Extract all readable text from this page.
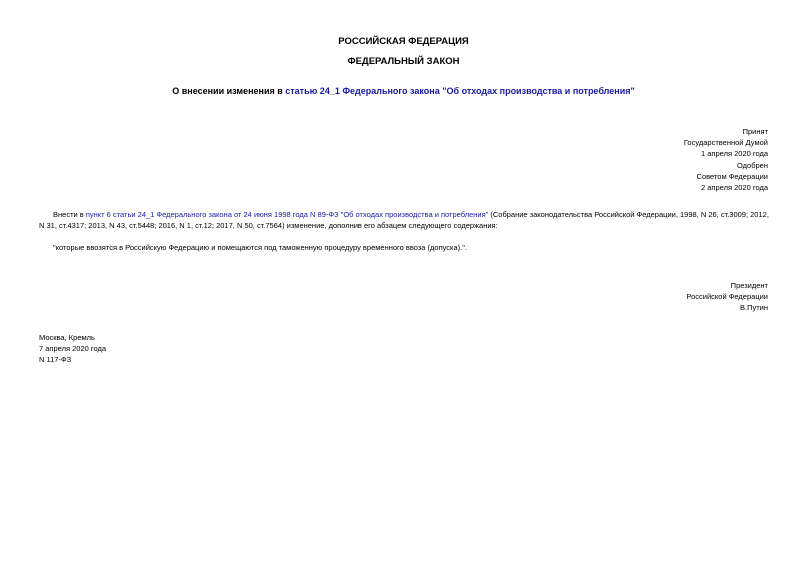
РОССИЙСКАЯ ФЕДЕРАЦИЯ
ФЕДЕРАЛЬНЫЙ ЗАКОН
О внесении изменения в статью 24_1 Федерального закона "Об отходах производства и потребления"
Принят
Государственной Думой
1 апреля 2020 года
Одобрен
Советом Федерации
2 апреля 2020 года
Внести в пункт 6 статьи 24_1 Федерального закона от 24 июня 1998 года N 89-ФЗ "Об отходах производства и потребления" (Собрание законодательства Российской Федерации, 1998, N 26, ст.3009; 2012, N 31, ст.4317; 2013, N 43, ст.5448; 2016, N 1, ст.12; 2017, N 50, ст.7564) изменение, дополнив его абзацем следующего содержания:
"которые ввозятся в Российскую Федерацию и помещаются под таможенную процедуру временного ввоза (допуска).".
Президент
Российской Федерации
В.Путин
Москва, Кремль
7 апреля 2020 года
N 117-ФЗ
